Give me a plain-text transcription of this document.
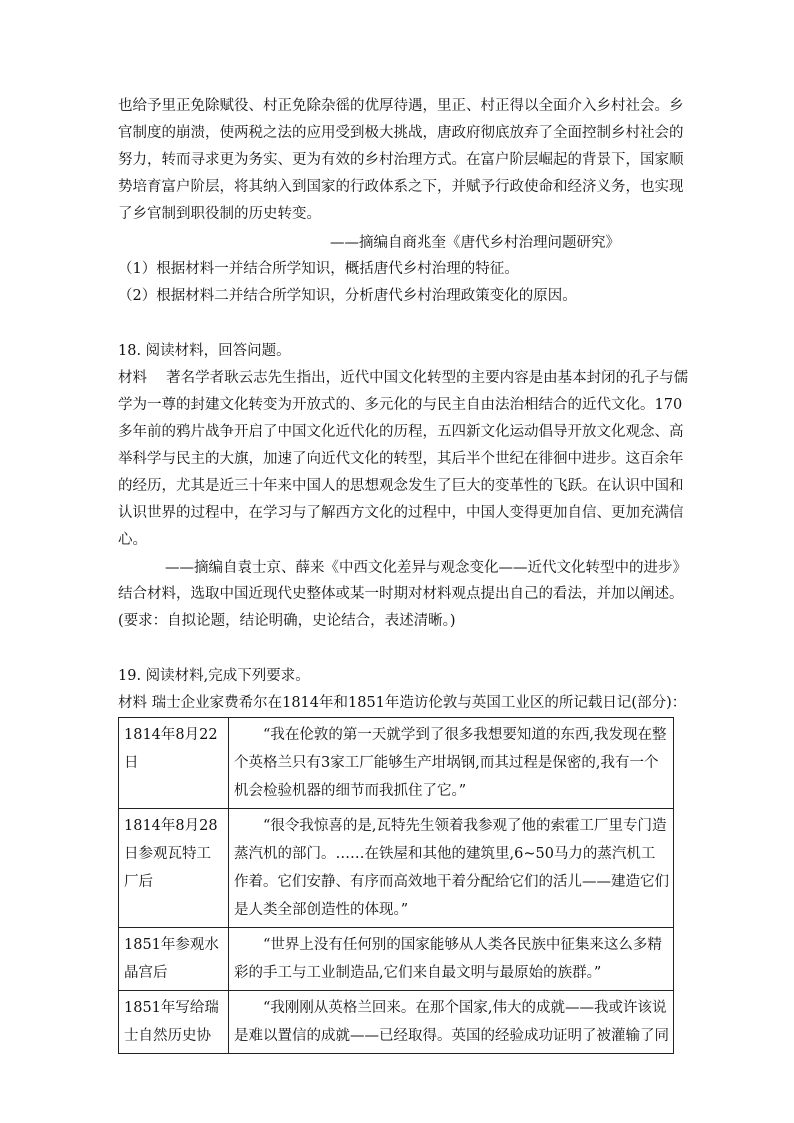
也给予里正免除赋役、村正免除杂徭的优厚待遇，里正、村正得以全面介入乡村社会。乡
官制度的崩溃，使两税之法的应用受到极大挑战，唐政府彻底放弃了全面控制乡村社会的
努力，转而寻求更为务实、更为有效的乡村治理方式。在富户阶层崛起的背景下，国家顺
势培育富户阶层，将其纳入到国家的行政体系之下，并赋予行政使命和经济义务，也实现
了乡官制到职役制的历史转变。
——摘编自商兆奎《唐代乡村治理问题研究》
（1）根据材料一并结合所学知识，概括唐代乡村治理的特征。
（2）根据材料二并结合所学知识，分析唐代乡村治理政策变化的原因。
18. 阅读材料，回答问题。
材料　 著名学者耿云志先生指出，近代中国文化转型的主要内容是由基本封闭的孔子与儒
学为一尊的封建文化转变为开放式的、多元化的与民主自由法治相结合的近代文化。170
多年前的鸦片战争开启了中国文化近代化的历程，五四新文化运动倡导开放文化观念、高
举科学与民主的大旗，加速了向近代文化的转型，其后半个世纪在徘徊中进步。这百余年
的经历，尤其是近三十年来中国人的思想观念发生了巨大的变革性的飞跃。在认识中国和
认识世界的过程中，在学习与了解西方文化的过程中，中国人变得更加自信、更加充满信
心。
——摘编自袁士京、薛来《中西文化差异与观念变化——近代文化转型中的进步》
结合材料，选取中国近现代史整体或某一时期对材料观点提出自己的看法，并加以阐述。
(要求：自拟论题，结论明确，史论结合，表述清晰。)
19. 阅读材料,完成下列要求。
材料 瑞士企业家费希尔在1814年和1851年造访伦敦与英国工业区的所记载日记(部分)：
1814年8月22日	“我在伦敦的第一天就学到了很多我想要知道的东西,我发现在整个英格兰只有3家工厂能够生产坩埚钢,而其过程是保密的,我有一个机会检验机器的细节而我抓住了它。”
1814年8月28日参观瓦特工厂后	“很令我惊喜的是,瓦特先生领着我参观了他的索霍工厂里专门造蒸汽机的部门。……在铁屋和其他的建筑里,6~50马力的蒸汽机工作着。它们安静、有序而高效地干着分配给它们的活儿——建造它们是人类全部创造性的体现。”
1851年参观水晶宫后	“世界上没有任何别的国家能够从人类各民族中征集来这么多精彩的手工与工业制造品,它们来自最文明与最原始的族群。”
1851年写给瑞士自然历史协	“我刚刚从英格兰回来。在那个国家,伟大的成就——我或许该说是难以置信的成就——已经取得。英国的经验成功证明了被灌输了同
